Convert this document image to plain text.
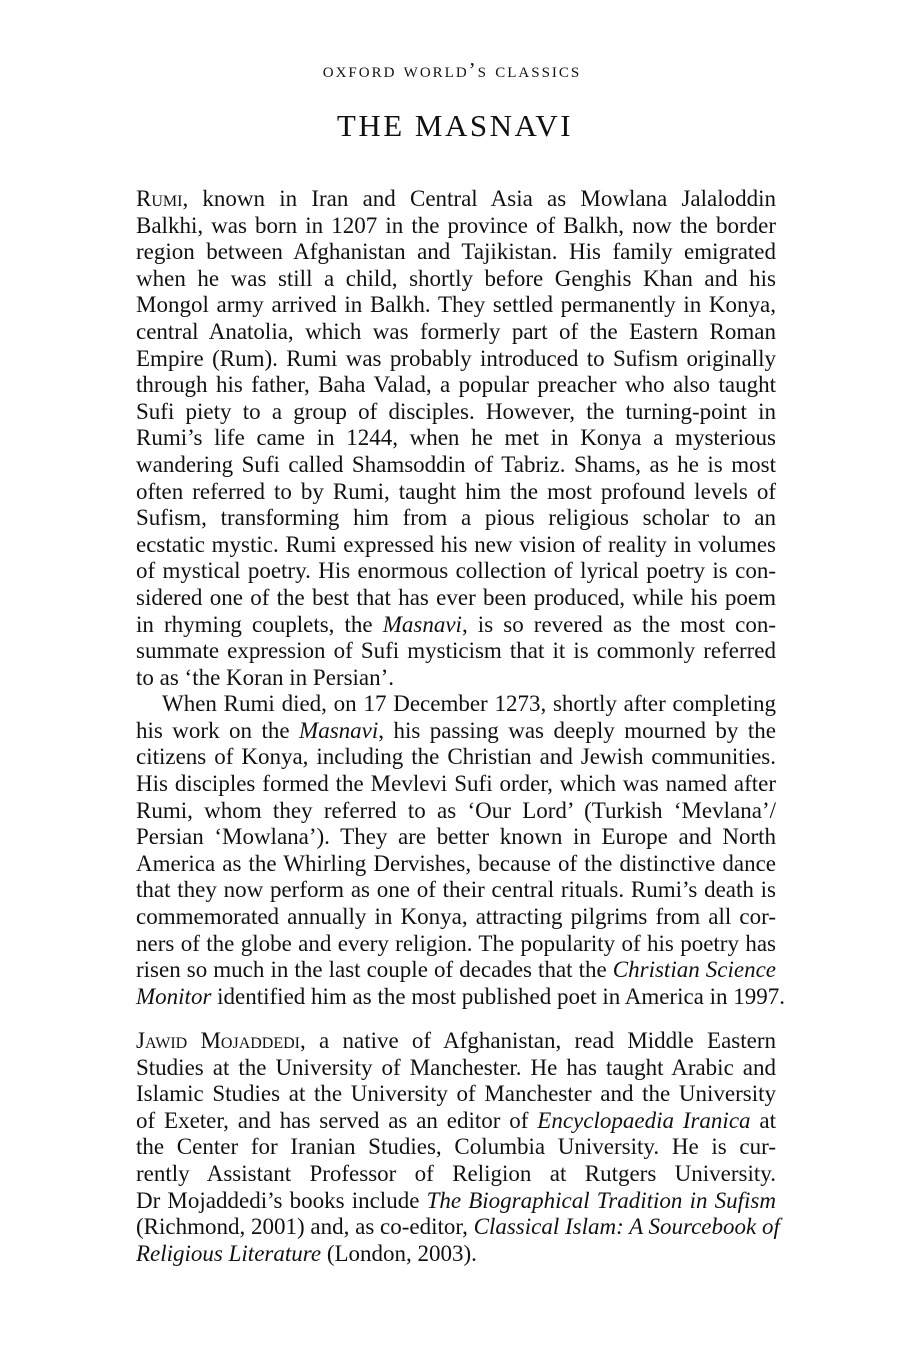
oxford world’s classics
THE MASNAVI
Rumi, known in Iran and Central Asia as Mowlana Jalaloddin
Balkhi, was born in 1207 in the province of Balkh, now the border
region between Afghanistan and Tajikistan. His family emigrated
when he was still a child, shortly before Genghis Khan and his
Mongol army arrived in Balkh. They settled permanently in Konya,
central Anatolia, which was formerly part of the Eastern Roman
Empire (Rum). Rumi was probably introduced to Sufism originally
through his father, Baha Valad, a popular preacher who also taught
Sufi piety to a group of disciples. However, the turning-point in
Rumi’s life came in 1244, when he met in Konya a mysterious
wandering Sufi called Shamsoddin of Tabriz. Shams, as he is most
often referred to by Rumi, taught him the most profound levels of
Sufism, transforming him from a pious religious scholar to an
ecstatic mystic. Rumi expressed his new vision of reality in volumes
of mystical poetry. His enormous collection of lyrical poetry is con-
sidered one of the best that has ever been produced, while his poem
in rhyming couplets, the Masnavi, is so revered as the most con-
summate expression of Sufi mysticism that it is commonly referred
to as ‘the Koran in Persian’.
When Rumi died, on 17 December 1273, shortly after completing
his work on the Masnavi, his passing was deeply mourned by the
citizens of Konya, including the Christian and Jewish communities.
His disciples formed the Mevlevi Sufi order, which was named after
Rumi, whom they referred to as ‘Our Lord’ (Turkish ‘Mevlana’/
Persian ‘Mowlana’). They are better known in Europe and North
America as the Whirling Dervishes, because of the distinctive dance
that they now perform as one of their central rituals. Rumi’s death is
commemorated annually in Konya, attracting pilgrims from all cor-
ners of the globe and every religion. The popularity of his poetry has
risen so much in the last couple of decades that the Christian Science
Monitor identified him as the most published poet in America in 1997.
Jawid Mojaddedi, a native of Afghanistan, read Middle Eastern
Studies at the University of Manchester. He has taught Arabic and
Islamic Studies at the University of Manchester and the University
of Exeter, and has served as an editor of Encyclopaedia Iranica at
the Center for Iranian Studies, Columbia University. He is cur-
rently Assistant Professor of Religion at Rutgers University.
Dr Mojaddedi’s books include The Biographical Tradition in Sufism
(Richmond, 2001) and, as co-editor, Classical Islam: A Sourcebook of
Religious Literature (London, 2003).
